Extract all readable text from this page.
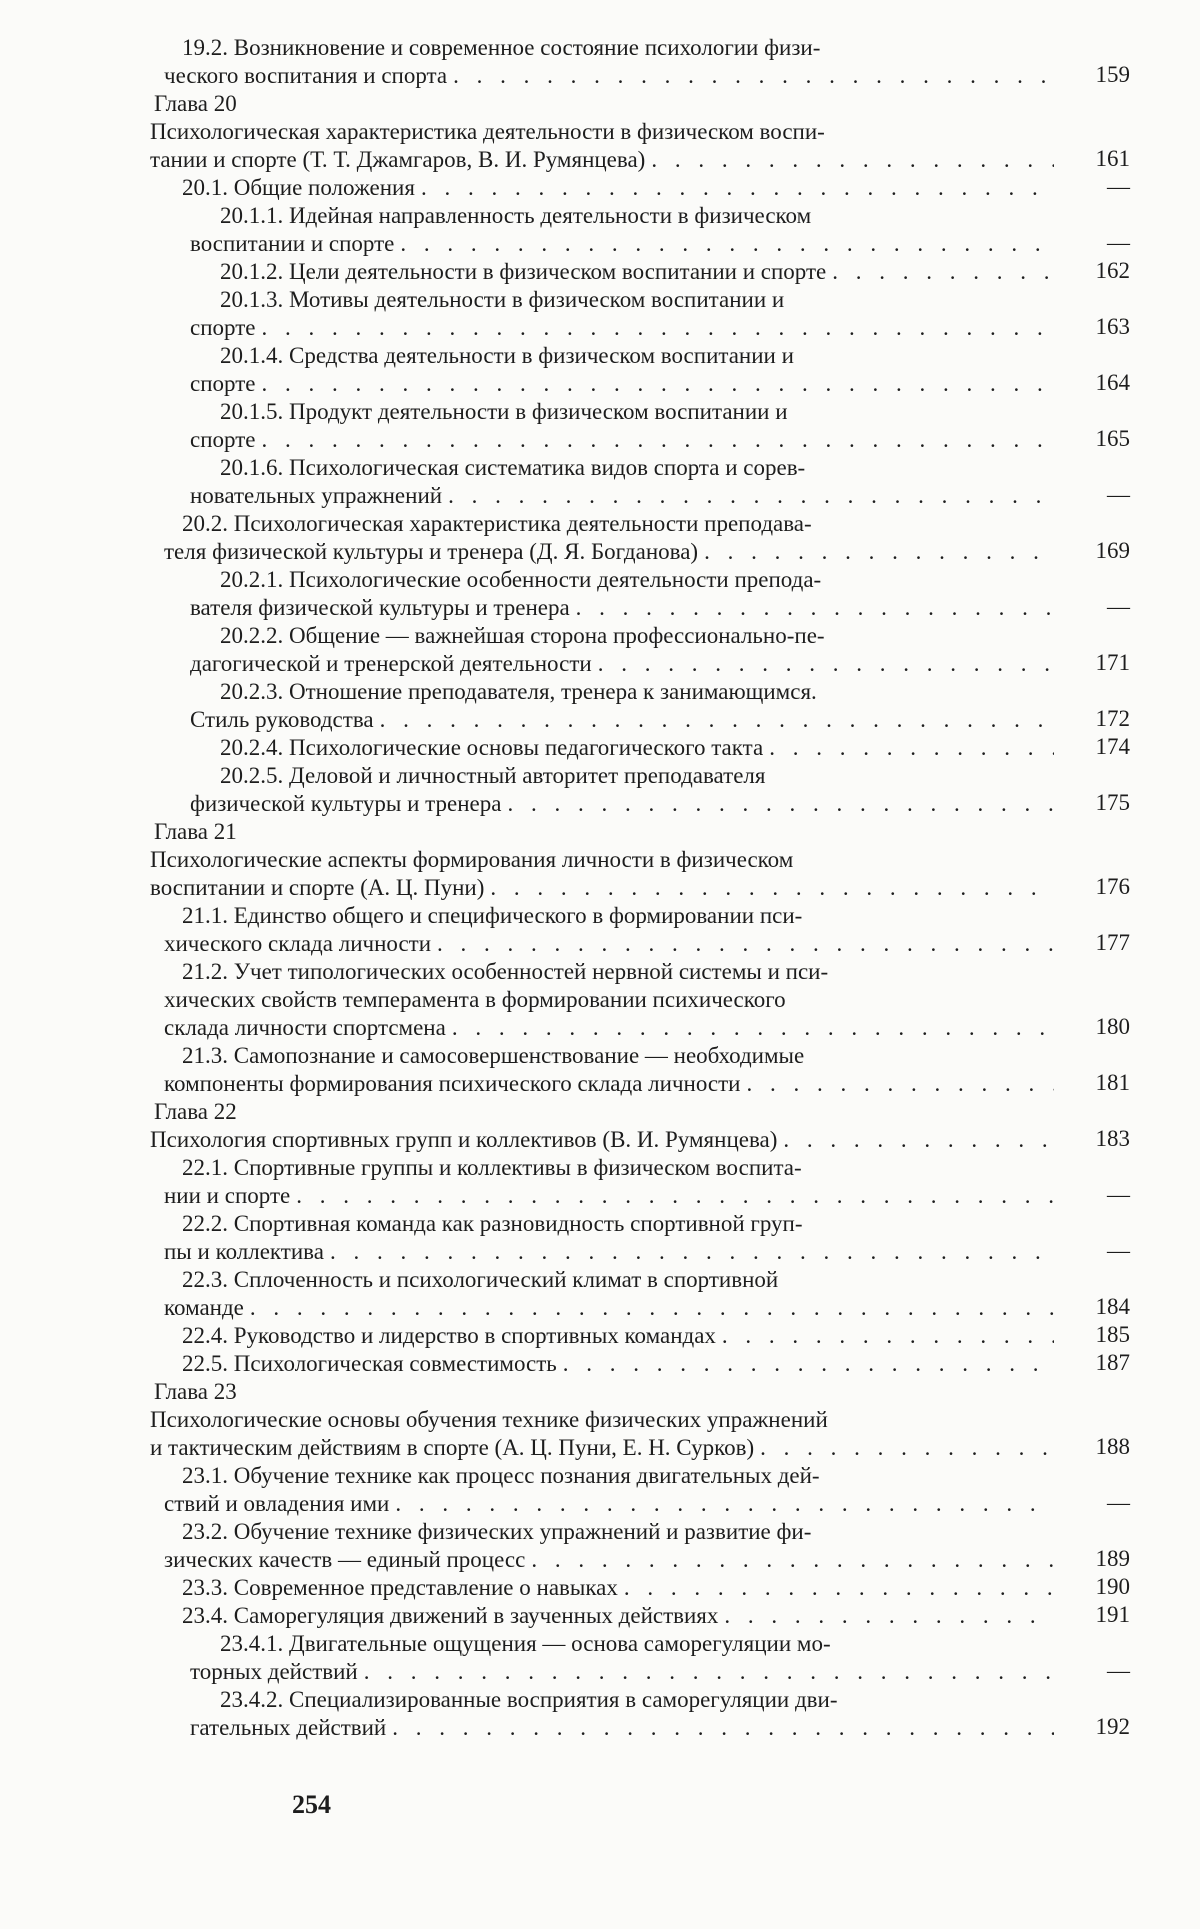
19.2. Возникновение и современное состояние психологии физи-
ческого воспитания и спорта . . .	159
Глава 20
Психологическая характеристика деятельности в физическом воспи-
тании и спорте (Т. Т. Джамгаров, В. И. Румянцева) . . .	161
20.1. Общие положения . . .	—
20.1.1. Идейная направленность деятельности в физическом
воспитании и спорте . . .	—
20.1.2. Цели деятельности в физическом воспитании и спорте . . .	162
20.1.3. Мотивы деятельности в физическом воспитании и
спорте . . .	163
20.1.4. Средства деятельности в физическом воспитании и
спорте . . .	164
20.1.5. Продукт деятельности в физическом воспитании и
спорте . . .	165
20.1.6. Психологическая систематика видов спорта и сорев-
новательных упражнений . . .	—
20.2. Психологическая характеристика деятельности преподава-
теля физической культуры и тренера (Д. Я. Богданова) . . .	169
20.2.1. Психологические особенности деятельности препода-
вателя физической культуры и тренера . . .	—
20.2.2. Общение — важнейшая сторона профессионально-пе-
дагогической и тренерской деятельности . . .	171
20.2.3. Отношение преподавателя, тренера к занимающимся.
Стиль руководства . . .	172
20.2.4. Психологические основы педагогического такта . . .	174
20.2.5. Деловой и личностный авторитет преподавателя
физической культуры и тренера . . .	175
Глава 21
Психологические аспекты формирования личности в физическом
воспитании и спорте (А. Ц. Пуни) . . .	176
21.1. Единство общего и специфического в формировании пси-
хического склада личности . . .	177
21.2. Учет типологических особенностей нервной системы и пси-
хических свойств темперамента в формировании психического
склада личности спортсмена . . .	180
21.3. Самопознание и самосовершенствование — необходимые
компоненты формирования психического склада личности . . .	181
Глава 22
Психология спортивных групп и коллективов (В. И. Румянцева) . . .	183
22.1. Спортивные группы и коллективы в физическом воспита-
нии и спорте . . .	—
22.2. Спортивная команда как разновидность спортивной груп-
пы и коллектива . . .	—
22.3. Сплоченность и психологический климат в спортивной
команде . . .	184
22.4. Руководство и лидерство в спортивных командах . . .	185
22.5. Психологическая совместимость . . .	187
Глава 23
Психологические основы обучения технике физических упражнений
и тактическим действиям в спорте (А. Ц. Пуни, Е. Н. Сурков) . . .	188
23.1. Обучение технике как процесс познания двигательных дей-
ствий и овладения ими . . .	—
23.2. Обучение технике физических упражнений и развитие фи-
зических качеств — единый процесс . . .	189
23.3. Современное представление о навыках . . .	190
23.4. Саморегуляция движений в заученных действиях . . .	191
23.4.1. Двигательные ощущения — основа саморегуляции мо-
торных действий . . .	—
23.4.2. Специализированные восприятия в саморегуляции дви-
гательных действий . . .	192
254
